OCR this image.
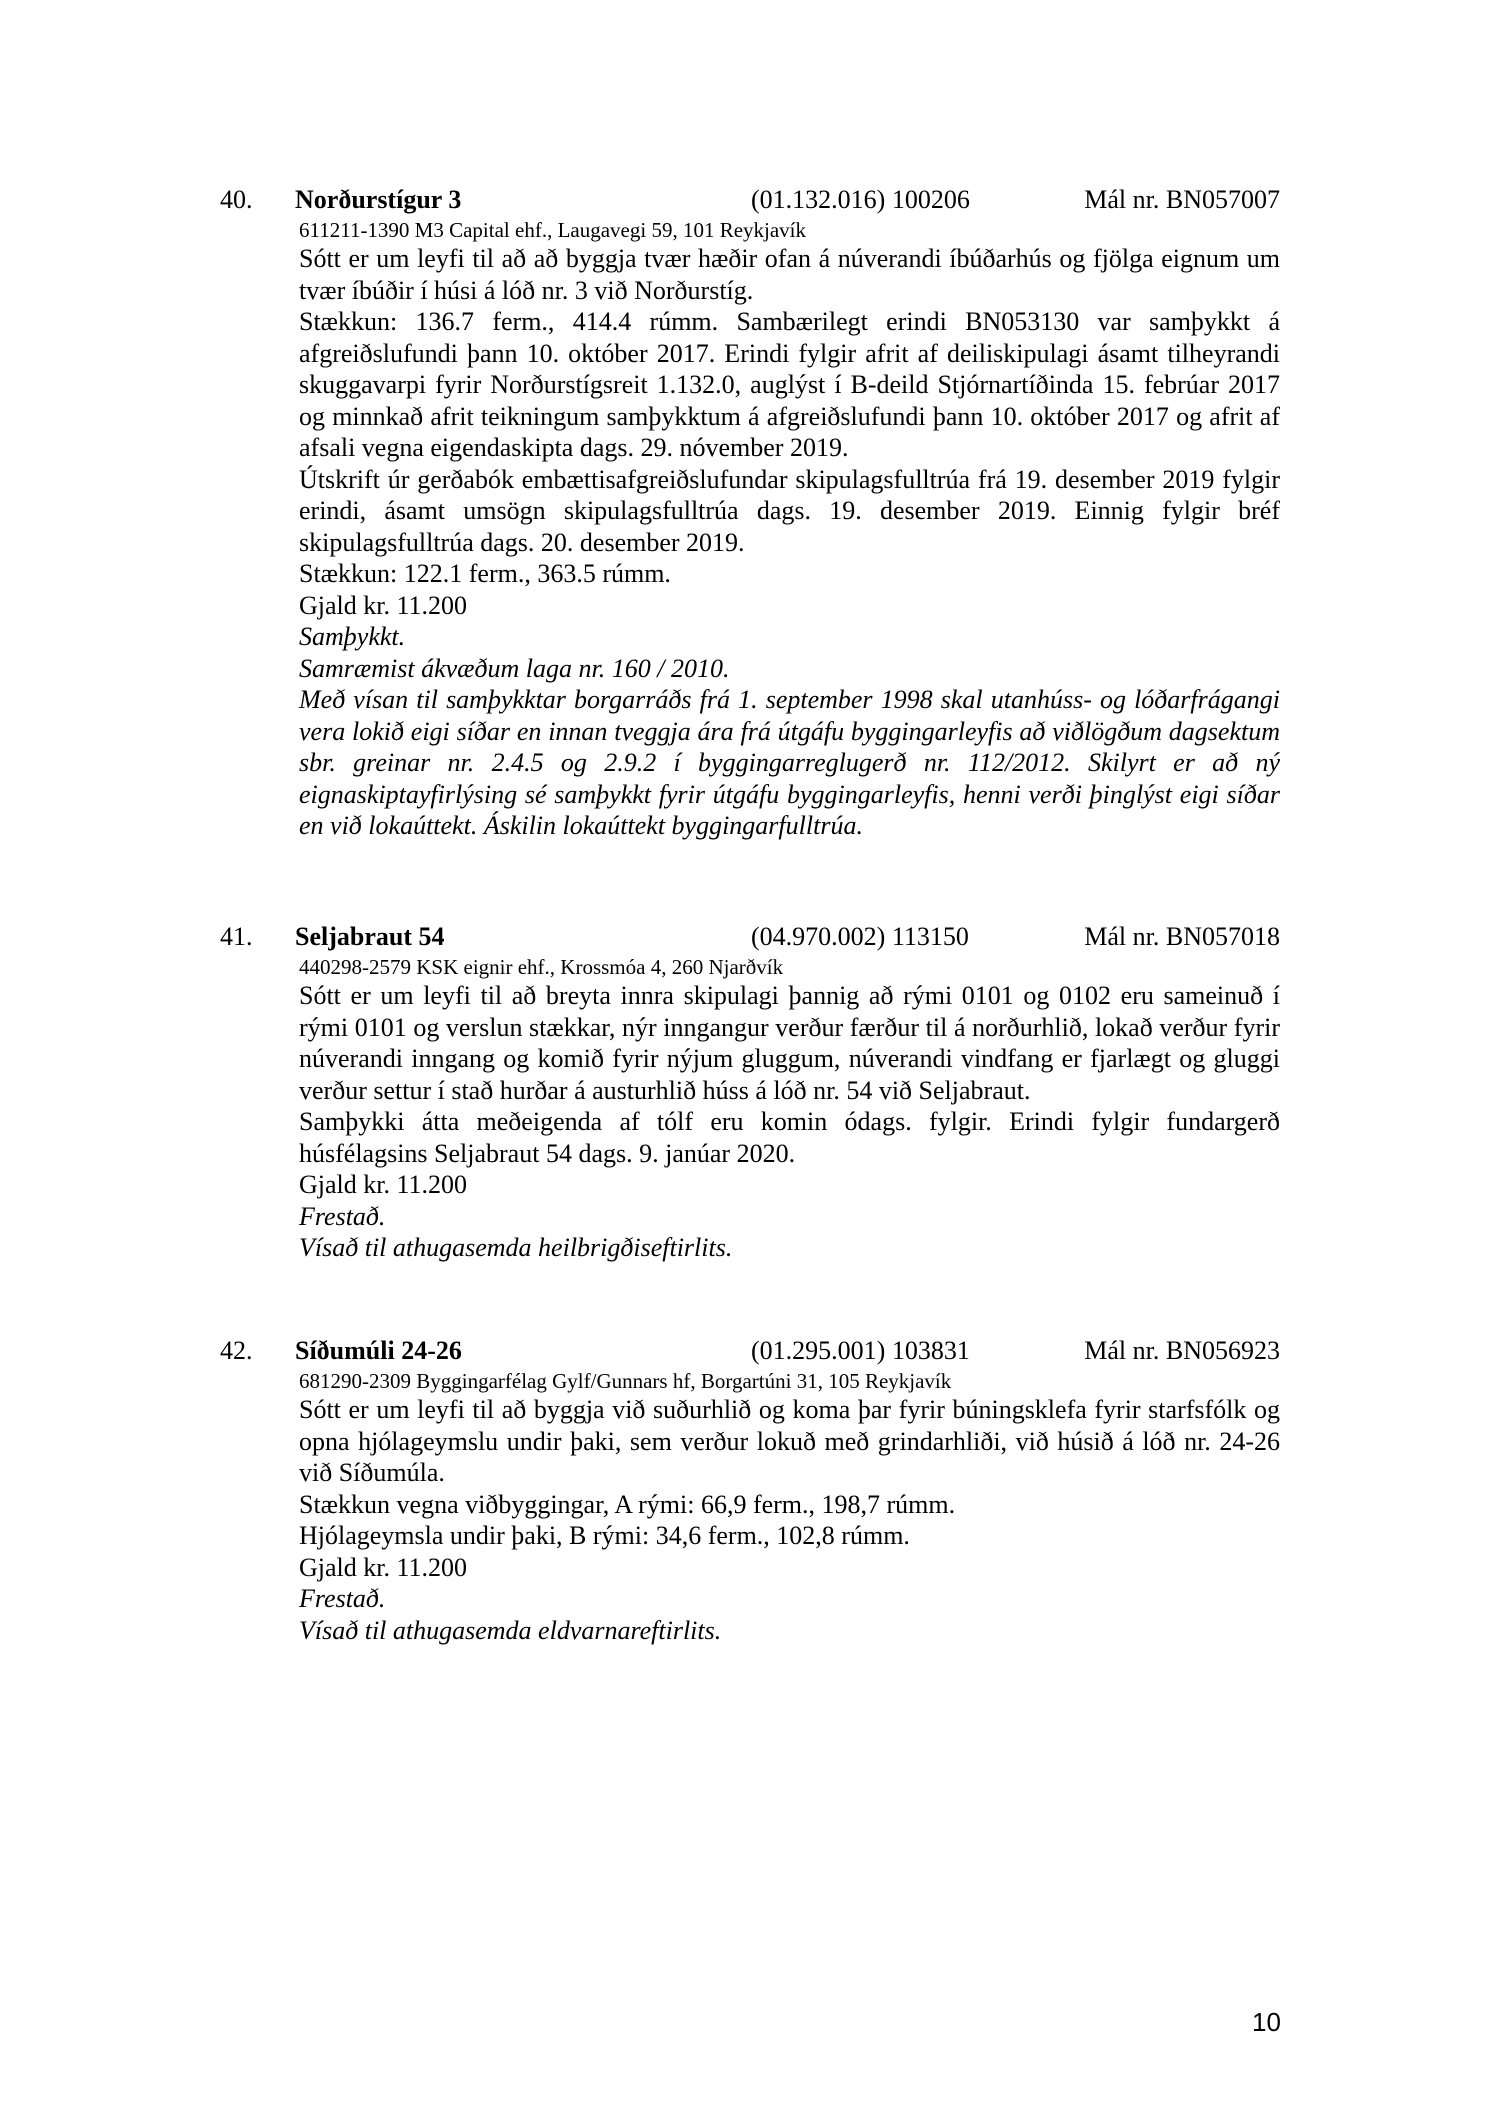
40. Norðurstígur 3	(01.132.016) 100206	Mál nr. BN057007
611211-1390 M3 Capital ehf., Laugavegi 59, 101 Reykjavík

Sótt er um leyfi til að að byggja tvær hæðir ofan á núverandi íbúðarhús og fjölga eignum um tvær íbúðir í húsi á lóð nr. 3 við Norðurstíg.

Stækkun: 136.7 ferm., 414.4 rúmm. Sambærilegt erindi BN053130 var samþykkt á afgreiðslufundi þann 10. október 2017. Erindi fylgir afrit af deiliskipulagi ásamt tilheyrandi skuggavarpi fyrir Norðurstígsreit 1.132.0, auglýst í B-deild Stjórnartíðinda 15. febrúar 2017 og minnkað afrit teikningum samþykktum á afgreiðslufundi þann 10. október 2017 og afrit af afsali vegna eigendaskipta dags. 29. nóvember 2019.

Útskrift úr gerðabók embættisafgreiðslufundar skipulagsfulltrúa frá 19. desember 2019 fylgir erindi, ásamt umsögn skipulagsfulltrúa dags. 19. desember 2019. Einnig fylgir bréf skipulagsfulltrúa dags. 20. desember 2019.

Stækkun: 122.1 ferm., 363.5 rúmm.

Gjald kr. 11.200

Samþykkt.

Samræmist ákvæðum laga nr. 160 / 2010.

Með vísan til samþykktar borgarráðs frá 1. september 1998 skal utanhúss- og lóðarfrágangi vera lokið eigi síðar en innan tveggja ára frá útgáfu byggingarleyfis að viðlögðum dagsektum sbr. greinar nr. 2.4.5 og 2.9.2 í byggingarreglugerð nr. 112/2012. Skilyrt er að ný eignaskiptayfirlýsing sé samþykkt fyrir útgáfu byggingarleyfis, henni verði þinglýst eigi síðar en við lokaúttekt. Áskilin lokaúttekt byggingarfulltrúa.

41. Seljabraut 54	(04.970.002) 113150	Mál nr. BN057018
440298-2579 KSK eignir ehf., Krossmóa 4, 260 Njarðvík

Sótt er um leyfi til að breyta innra skipulagi þannig að rými 0101 og 0102 eru sameinuð í rými 0101 og verslun stækkar, nýr inngangur verður færður til á norðurhlið, lokað verður fyrir núverandi inngang og komið fyrir nýjum gluggum, núverandi vindfang er fjarlægt og gluggi verður settur í stað hurðar á austurhlið húss á lóð nr. 54 við Seljabraut.

Samþykki átta meðeigenda af tólf eru komin ódags. fylgir. Erindi fylgir fundargerð húsfélagsins Seljabraut 54 dags. 9. janúar 2020.

Gjald kr. 11.200

Frestað.

Vísað til athugasemda heilbrigðiseftirlits.

42. Síðumúli 24-26	(01.295.001) 103831	Mál nr. BN056923
681290-2309 Byggingarfélag Gylf/Gunnars hf, Borgartúni 31, 105 Reykjavík

Sótt er um leyfi til að byggja við suðurhlið og koma þar fyrir búningsklefa fyrir starfsfólk og opna hjólageymslu undir þaki, sem verður lokuð með grindarhliði, við húsið á lóð nr. 24-26 við Síðumúla.

Stækkun vegna viðbyggingar, A rými: 66,9 ferm., 198,7 rúmm.

Hjólageymsla undir þaki, B rými: 34,6 ferm., 102,8 rúmm.

Gjald kr. 11.200

Frestað.

Vísað til athugasemda eldvarnareftirlits.

10
